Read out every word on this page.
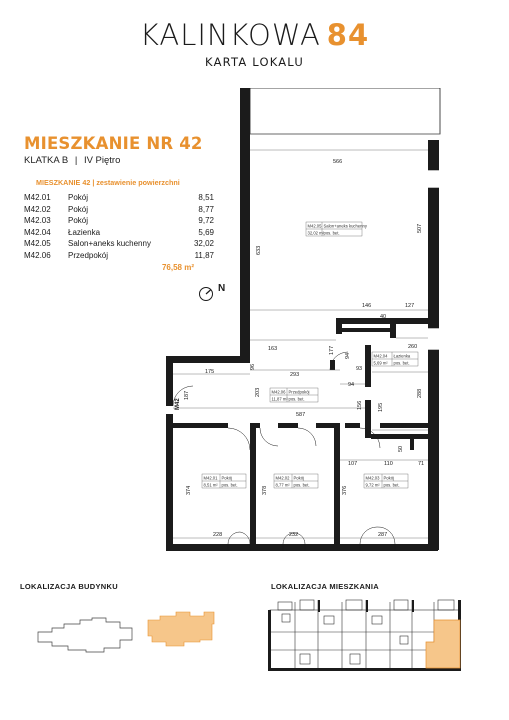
KALINKOWA 84
KARTA LOKALU
MIESZKANIE NR 42
KLATKA B | IV Piętro
MIESZKANIE 42 | zestawienie powierzchni
M42.01	Pokój	8,51
M42.02	Pokój	8,77
M42.03	Pokój	9,72
M42.04	Łazienka	5,69
M42.05	Salon+aneks kuchenny	32,02
M42.06	Przedpokój	11,87
76,58 m²
N
566
633
507
146	127
163	177	260
175
96
293
94
93
187	203
94
587
156	195
288
167
50
107	110	71
374	378	376
228	232	287
40
M42
M42.05 Salon+aneks kuchenny
32,02 m² pos. bet.
M42.06 Przedpokój
11,87 m² pos. bet.
M42.04 Łazienka
5,69 m² pos. bet.
M42.01 Pokój
8,51 m² pos. bet.
M42.02 Pokój
8,77 m² pos. bet.
M42.03 Pokój
9,72 m² pos. bet.
LOKALIZACJA BUDYNKU	LOKALIZACJA MIESZKANIA
